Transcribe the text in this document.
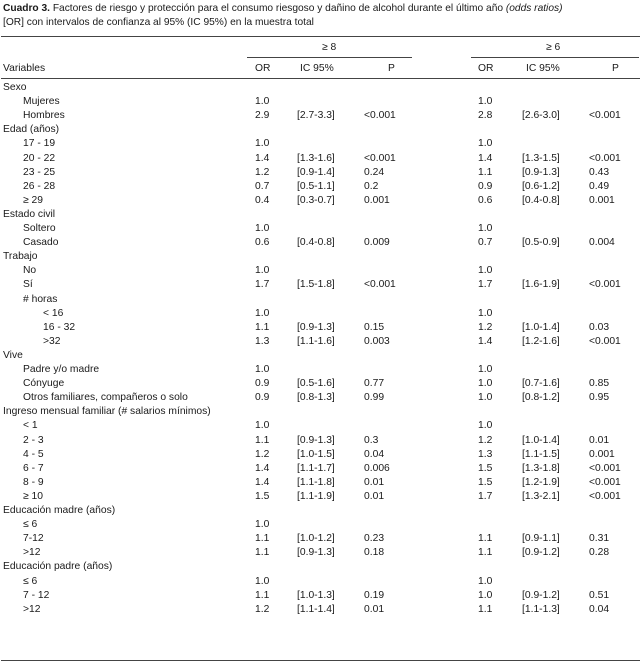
Cuadro 3. Factores de riesgo y protección para el consumo riesgoso y dañino de alcohol durante el último año (odds ratios)
[OR] con intervalos de confianza al 95% (IC 95%) en la muestra total
≥ 8	≥ 6
Variables	OR	IC 95%	P	OR	IC 95%	P
Sexo
Mujeres	1.0	1.0
Hombres	2.9	[2.7-3.3]	<0.001	2.8	[2.6-3.0]	<0.001
Edad (años)
17 - 19	1.0	1.0
20 - 22	1.4	[1.3-1.6]	<0.001	1.4	[1.3-1.5]	<0.001
23 - 25	1.2	[0.9-1.4]	0.24	1.1	[0.9-1.3]	0.43
26 - 28	0.7	[0.5-1.1]	0.2	0.9	[0.6-1.2]	0.49
≥ 29	0.4	[0.3-0.7]	0.001	0.6	[0.4-0.8]	0.001
Estado civil
Soltero	1.0	1.0
Casado	0.6	[0.4-0.8]	0.009	0.7	[0.5-0.9]	0.004
Trabajo
No	1.0	1.0
Sí	1.7	[1.5-1.8]	<0.001	1.7	[1.6-1.9]	<0.001
# horas
< 16	1.0	1.0
16 - 32	1.1	[0.9-1.3]	0.15	1.2	[1.0-1.4]	0.03
>32	1.3	[1.1-1.6]	0.003	1.4	[1.2-1.6]	<0.001
Vive
Padre y/o madre	1.0	1.0
Cónyuge	0.9	[0.5-1.6]	0.77	1.0	[0.7-1.6]	0.85
Otros familiares, compañeros o solo	0.9	[0.8-1.3]	0.99	1.0	[0.8-1.2]	0.95
Ingreso mensual familiar (# salarios mínimos)
< 1	1.0	1.0
2 - 3	1.1	[0.9-1.3]	0.3	1.2	[1.0-1.4]	0.01
4 - 5	1.2	[1.0-1.5]	0.04	1.3	[1.1-1.5]	0.001
6 - 7	1.4	[1.1-1.7]	0.006	1.5	[1.3-1.8]	<0.001
8 - 9	1.4	[1.1-1.8]	0.01	1.5	[1.2-1.9]	<0.001
≥ 10	1.5	[1.1-1.9]	0.01	1.7	[1.3-2.1]	<0.001
Educación madre (años)
≤ 6	1.0
7-12	1.1	[1.0-1.2]	0.23	1.1	[0.9-1.1]	0.31
>12	1.1	[0.9-1.3]	0.18	1.1	[0.9-1.2]	0.28
Educación padre (años)
≤ 6	1.0	1.0
7 - 12	1.1	[1.0-1.3]	0.19	1.0	[0.9-1.2]	0.51
>12	1.2	[1.1-1.4]	0.01	1.1	[1.1-1.3]	0.04
